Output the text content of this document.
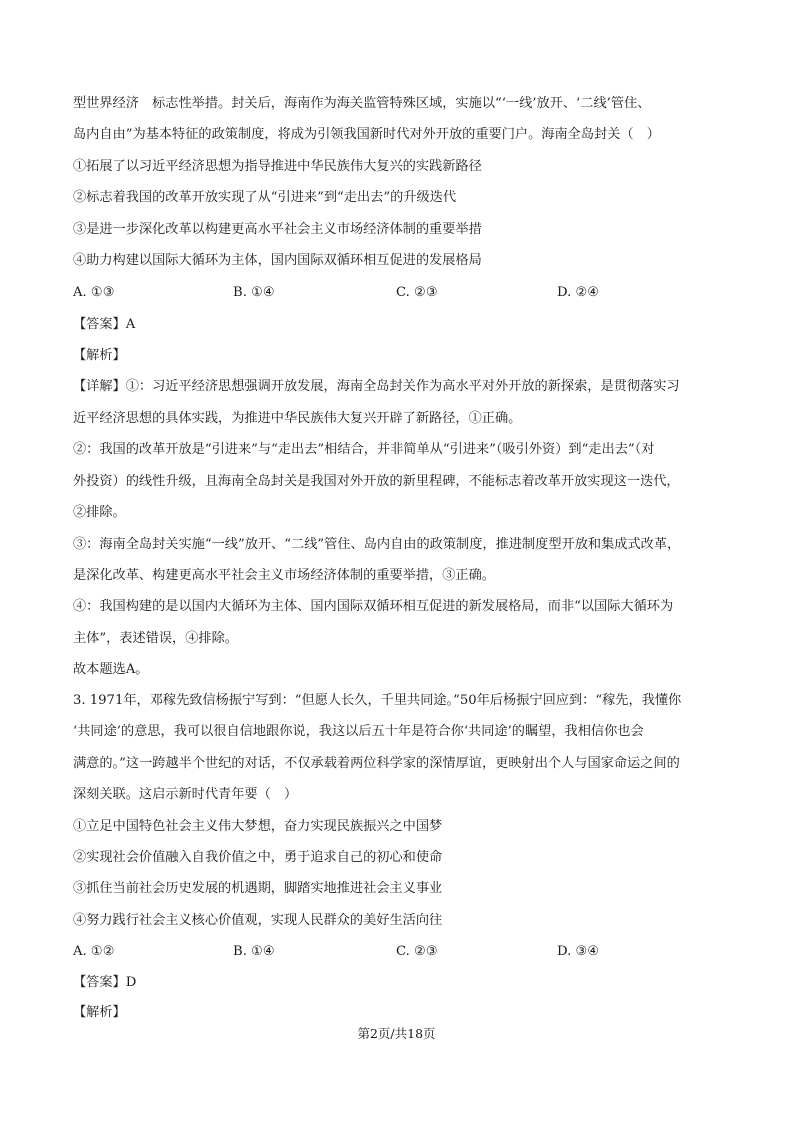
型世界经济　标志性举措。封关后，海南作为海关监管特殊区域，实施以“‘一线’放开、‘二线’管住、
岛内自由”为基本特征的政策制度，将成为引领我国新时代对外开放的重要门户。海南全岛封关（　）
①拓展了以习近平经济思想为指导推进中华民族伟大复兴的实践新路径
②标志着我国的改革开放实现了从“引进来”到“走出去”的升级迭代
③是进一步深化改革以构建更高水平社会主义市场经济体制的重要举措
④助力构建以国际大循环为主体，国内国际双循环相互促进的发展格局
A. ①③	B. ①④	C. ②③	D. ②④
【答案】A
【解析】
【详解】①：习近平经济思想强调开放发展，海南全岛封关作为高水平对外开放的新探索，是贯彻落实习
近平经济思想的具体实践，为推进中华民族伟大复兴开辟了新路径，①正确。
②：我国的改革开放是“引进来”与“走出去”相结合，并非简单从“引进来”（吸引外资）到“走出去”（对
外投资）的线性升级，且海南全岛封关是我国对外开放的新里程碑，不能标志着改革开放实现这一迭代，
②排除。
③：海南全岛封关实施“一线”放开、“二线”管住、岛内自由的政策制度，推进制度型开放和集成式改革，
是深化改革、构建更高水平社会主义市场经济体制的重要举措，③正确。
④：我国构建的是以国内大循环为主体、国内国际双循环相互促进的新发展格局，而非“以国际大循环为
主体”，表述错误，④排除。
故本题选A。
3. 1971年，邓稼先致信杨振宁写到：“但愿人长久，千里共同途。”50年后杨振宁回应到：“稼先，我懂你
‘共同途’的意思，我可以很自信地跟你说，我这以后五十年是符合你‘共同途’的瞩望，我相信你也会
满意的。”这一跨越半个世纪的对话，不仅承载着两位科学家的深情厚谊，更映射出个人与国家命运之间的
深刻关联。这启示新时代青年要（　）
①立足中国特色社会主义伟大梦想，奋力实现民族振兴之中国梦
②实现社会价值融入自我价值之中，勇于追求自己的初心和使命
③抓住当前社会历史发展的机遇期，脚踏实地推进社会主义事业
④努力践行社会主义核心价值观，实现人民群众的美好生活向往
A. ①②	B. ①④	C. ②③	D. ③④
【答案】D
【解析】
第2页/共18页
